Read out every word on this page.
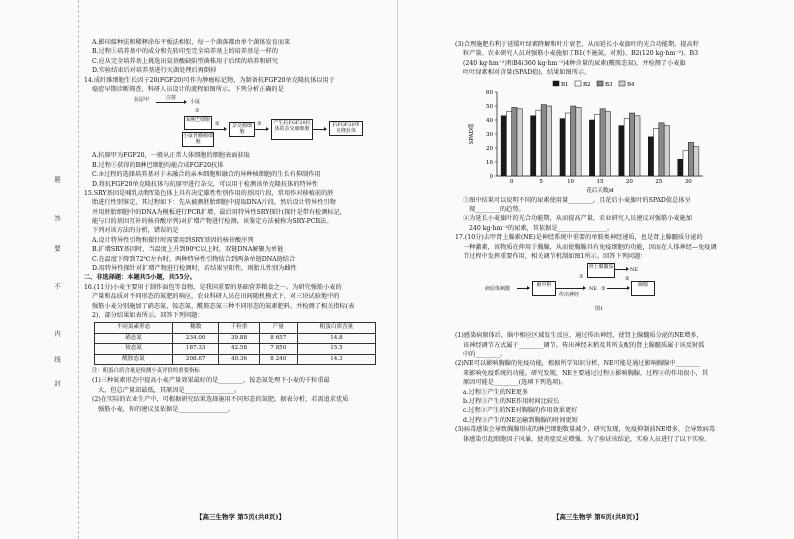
题
答
要
不
内
线
封
A.影印接种法和稀释涂布平板法相似，每一个菌落都由单个菌体发育而来
B.过程①培养基中的成分和先转印至完全培养基上的培养基是一样的
C.应从完全培养基上挑选出氨基酸缺陷型菌株用于后续的培养和研究
D.实验结束后对培养基进行灭菌处理后再倒掉
14.成纤维细胞生长因子20(FGF20)可作为肿瘤标记物，为制备抗FGF20单克隆抗体以用于
癌症早期诊断筛查，科研人员设计的流程如图所示。下列分析正确的是
抗原甲	注射
小鼠
①
B淋巴细胞
小鼠骨髓瘤细胞
②	杂交瘤细胞
③	产生抗FGF20抗体的杂交瘤细胞
抗FGF20单克隆抗体
A.抗原甲为FGF20，一般从正常人体细胞的细胞表面获取
B.过程①获得的B淋巴细胞均能合成FGF20抗体
C.③过程的选择培养基对于未融合的亲本细胞和融合的异种核细胞的生长有抑制作用
D.将抗FGF20单克隆抗体与抗原甲进行杂交，可以用于检测该单克隆抗体的特异性
15.SRY基因是哺乳动物Y染色体上具有决定雄性性别作用的基因片段，常用作对移植前的胚
胎进行性别鉴定，其过程如下：先从被测胚胎细胞中提取DNA片段，然后设计特异性引物
并用胚胎细胞中的DNA为模板进行PCR扩增，最后用特异性SRY探针(探针是带有检测标记，
能与目的基因互补的核苷酸序列)对扩增产物进行检测，该鉴定方法被称为SRY-PCR法。
下列对该方法的分析，错误的是
A.设计特异性引物和探针时需要用到SRY基因的核苷酸序列
B.扩增SRY基因时，当温度上升到90℃以上时，双链DNA解聚为单链
C.在温度下降到72℃左右时，两种特异性引物结合到两条单链DNA链结合
D.用特异性探针对扩增产物进行检测时，若结果呈阳性，则胎儿性别为雌性
二、非选择题：本题共5小题，共55分。
16.(11分)小麦主要用于制作面包等食物，是我国重要的基础营养粮食之一。为研究强筋小麦的
产量和品质对不同形态的氮肥的响应，农业科研人员在田间随机模式下，对三块试验地中的
强筋小麦分别施加了硝态氮、铵态氮、酰胺态氮三种不同形态的氮素肥料，并检测了相关指标(表
2)，部分结果如表所示。回答下列问题：
不同氮素形态	穗数	千粒重	产量	粗蛋白质含量
硝态氮	234.00	39.88	8 657	14.8
铵态氮	187.33	42.58	7 850	15.5
酰胺态氮	208.67	40.36	8 240	14.3
注：粗蛋白质含量是检测小麦评价的重要指标
(1)三种氮素形态中提高小麦产量效果最好的是________，铵态氮处理下小麦的千粒重最
大，但总产量却最低，其原因是________________。
(2)在实际的农业生产中，可根据研究结果选择施用不同形态的氮肥。据表分析，若需追求优质
强筋小麦，你的建议及依据是________________。
【高三生物学 第5页(共8页)】	【高三生物学 第6页(共8页)】
(3)合理施肥有利于延缓叶绿素降解和叶片衰老，从而延长小麦旗叶的光合功能期，提高籽
粒产量。农业研究人员对强筋小麦施加了B1(不施氮，对照)、B2(120 kg·hm⁻²)、B3
(240 kg·hm⁻²)和B4(360 kg·hm⁻²)4种含量的尿素(酰胺态氮)，并检测了小麦旗
叶叶绿素相对含量(SPAD值)，结果如图所示。
0
10
20
30
40
50
60
SPAD值
0	5	10	15	20	25	30
花后天数/d
B1	B2	B3	B4
①图中结果可以说明不同的尿素使用量________，且花后小麦旗叶的SPAD值总体呈
现________的趋势。
②为延长小麦旗叶的光合功能期，从而提高产量，农业研究人员建议对强筋小麦施加
240 kg·hm⁻²的尿素，其依据是________________。
17.(10分)去甲肾上腺素(NE)是神经系统中重要的单胺类神经递质，也是肾上腺髓质分泌的
一种激素，该物质在伸用于胸腺，从而使胸腺具有免疫细胞的功能，因而在人体神经—免疫调
节过程中发挥重要作用，相关调节机制如图1所示。回答下列问题：
病原体刺激
脑中枢
传出神经
肾上腺髓质
①
NE
②
NE ③
胸腺
图1
(1)感染病原体后，脑中相应区域发生反应，通过传出神经，使肾上腺髓质分泌的NE增多，
该神经调节方式属于________调节，传出神经末梢及其所支配的肾上腺髓质属于该反射弧
中的________。
(2)NE可以影响胸腺的免疫功能，根据所学知识分析，NE可能是通过影响胸腺中________
来影响免疫系统的功能。研究发现，NE主要通过过程③影响胸腺，过程②的作用很小，其
原因可能是________(选填下列选项)。
a.过程①产生的NE更多
b.过程③产生的NE作用时间比较长
c.过程②产生的NE对胸腺的作用效果更好
d.过程③产生的NE运输到胸腺的时间更短
(3)病毒感染会导致胸腺形成的淋巴细胞数量减少，研究发现，免疫抑制前NE增多，会导致病毒
体感染引起细胞因子风暴，使炎症反应增强。为了验证该结论，实验人员进行了以下实验。
